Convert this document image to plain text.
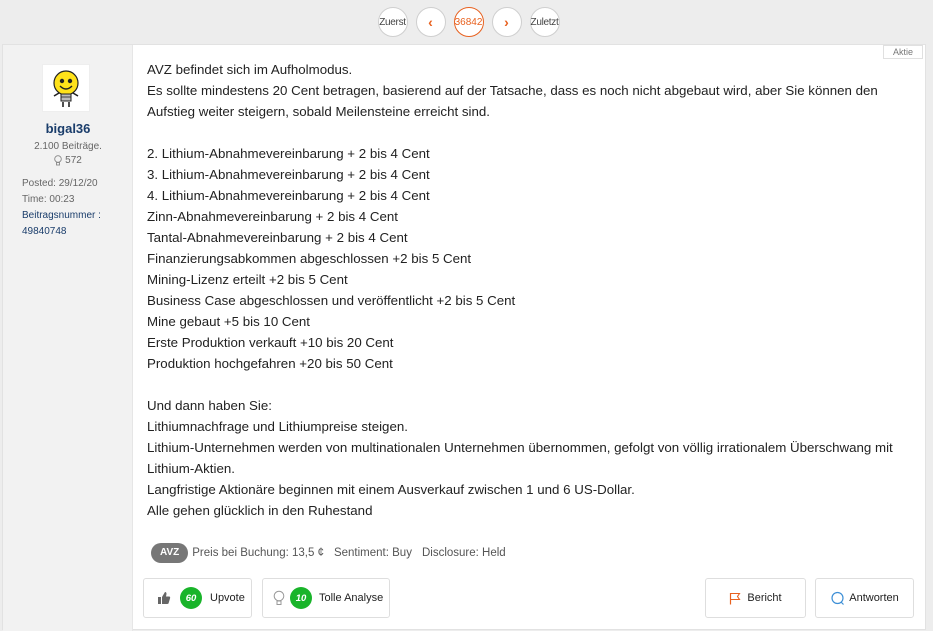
Zuerst ‹ 36842 › Zuletzt
bigal36
2.100 Beiträge.
572
Posted: 29/12/20
Time: 00:23
Beitragsnummer :
49840748
Aktie
AVZ befindet sich im Aufholmodus.
Es sollte mindestens 20 Cent betragen, basierend auf der Tatsache, dass es noch nicht abgebaut wird, aber Sie können den Aufstieg weiter steigern, sobald Meilensteine erreicht sind.
2. Lithium-Abnahmevereinbarung + 2 bis 4 Cent
3. Lithium-Abnahmevereinbarung + 2 bis 4 Cent
4. Lithium-Abnahmevereinbarung + 2 bis 4 Cent
Zinn-Abnahmevereinbarung + 2 bis 4 Cent
Tantal-Abnahmevereinbarung + 2 bis 4 Cent
Finanzierungsabkommen abgeschlossen +2 bis 5 Cent
Mining-Lizenz erteilt +2 bis 5 Cent
Business Case abgeschlossen und veröffentlicht +2 bis 5 Cent
Mine gebaut +5 bis 10 Cent
Erste Produktion verkauft +10 bis 20 Cent
Produktion hochgefahren +20 bis 50 Cent
Und dann haben Sie:
Lithiumnachfrage und Lithiumpreise steigen.
Lithium-Unternehmen werden von multinationalen Unternehmen übernommen, gefolgt von völlig irrationalem Überschwang mit Lithium-Aktien.
Langfristige Aktionäre beginnen mit einem Ausverkauf zwischen 1 und 6 US-Dollar.
Alle gehen glücklich in den Ruhestand
AVZ	Preis bei Buchung: 13,5 ¢ Sentiment: Buy Disclosure: Held
60	Upvote	10	Tolle Analyse	Bericht	Antworten
